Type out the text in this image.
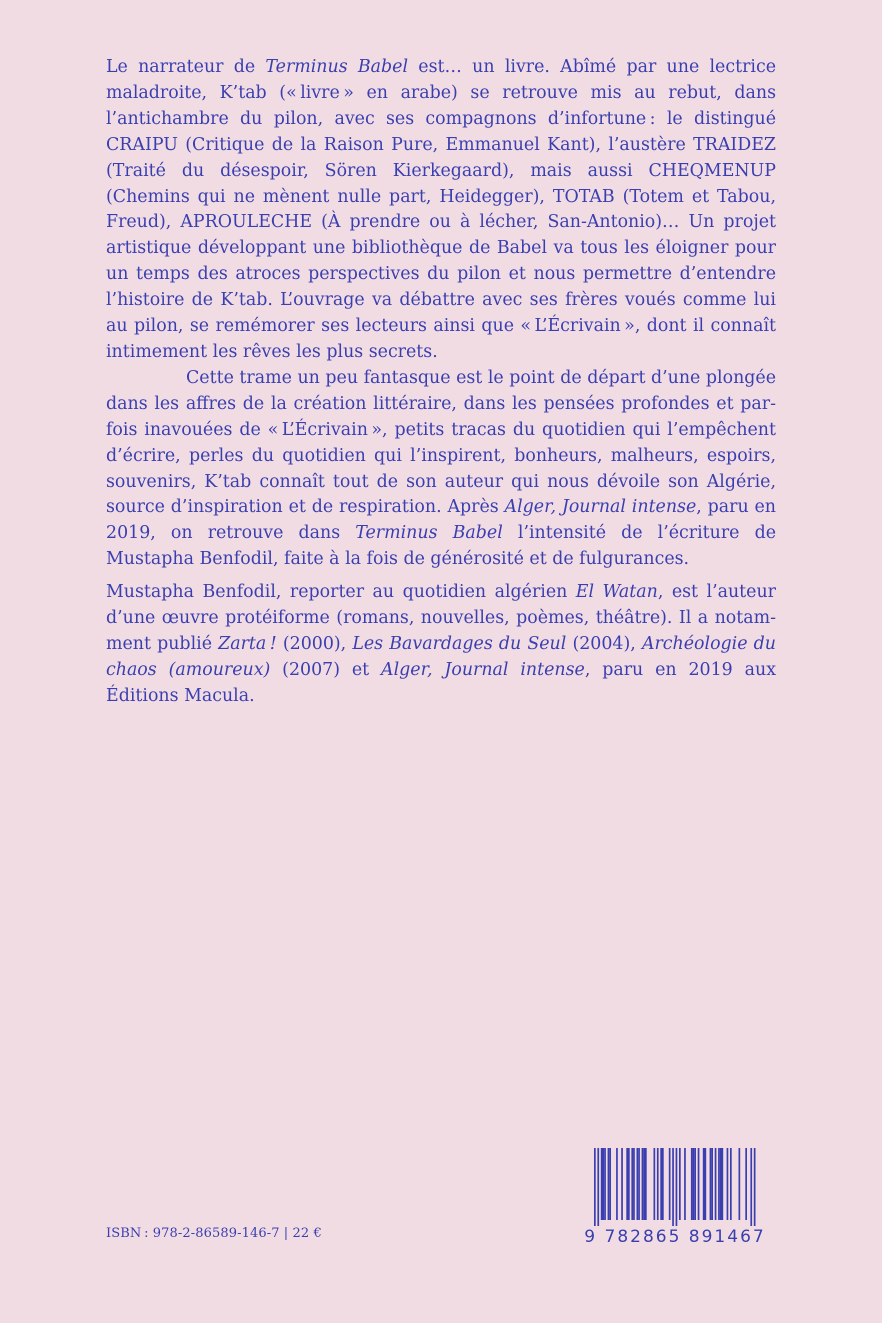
Le narrateur de Terminus Babel est… un livre. Abîmé par une lectrice maladroite, K’tab (« livre » en arabe) se retrouve mis au rebut, dans l’antichambre du pilon, avec ses compagnons d’infortune : le distingué CRAIPU (Critique de la Raison Pure, Emmanuel Kant), l’austère TRAIDEZ (Traité du désespoir, Sören Kierkegaard), mais aussi CHEQMENUP (Chemins qui ne mènent nulle part, Heidegger), TOTAB (Totem et Tabou, Freud), APROULECHE (À prendre ou à lécher, San-Antonio)… Un projet artistique développant une bibliothèque de Babel va tous les éloigner pour un temps des atroces perspectives du pilon et nous permettre d’entendre l’histoire de K’tab. L’ouvrage va débattre avec ses frères voués comme lui au pilon, se remémorer ses lecteurs ainsi que « L’Écrivain », dont il connaît intimement les rêves les plus secrets.

Cette trame un peu fantasque est le point de départ d’une plongée dans les affres de la création littéraire, dans les pensées profondes et parfois inavouées de « L’Écrivain », petits tracas du quotidien qui l’empêchent d’écrire, perles du quotidien qui l’inspirent, bonheurs, malheurs, espoirs, souvenirs, K’tab connaît tout de son auteur qui nous dévoile son Algérie, source d’inspiration et de respiration. Après Alger, Journal intense, paru en 2019, on retrouve dans Terminus Babel l’intensité de l’écriture de Mustapha Benfodil, faite à la fois de générosité et de fulgurances.

Mustapha Benfodil, reporter au quotidien algérien El Watan, est l’auteur d’une œuvre protéiforme (romans, nouvelles, poèmes, théâtre). Il a notamment publié Zarta ! (2000), Les Bavardages du Seul (2004), Archéologie du chaos (amoureux) (2007) et Alger, Journal intense, paru en 2019 aux Éditions Macula.

ISBN : 978-2-86589-146-7 | 22 €	9 782865 891467
